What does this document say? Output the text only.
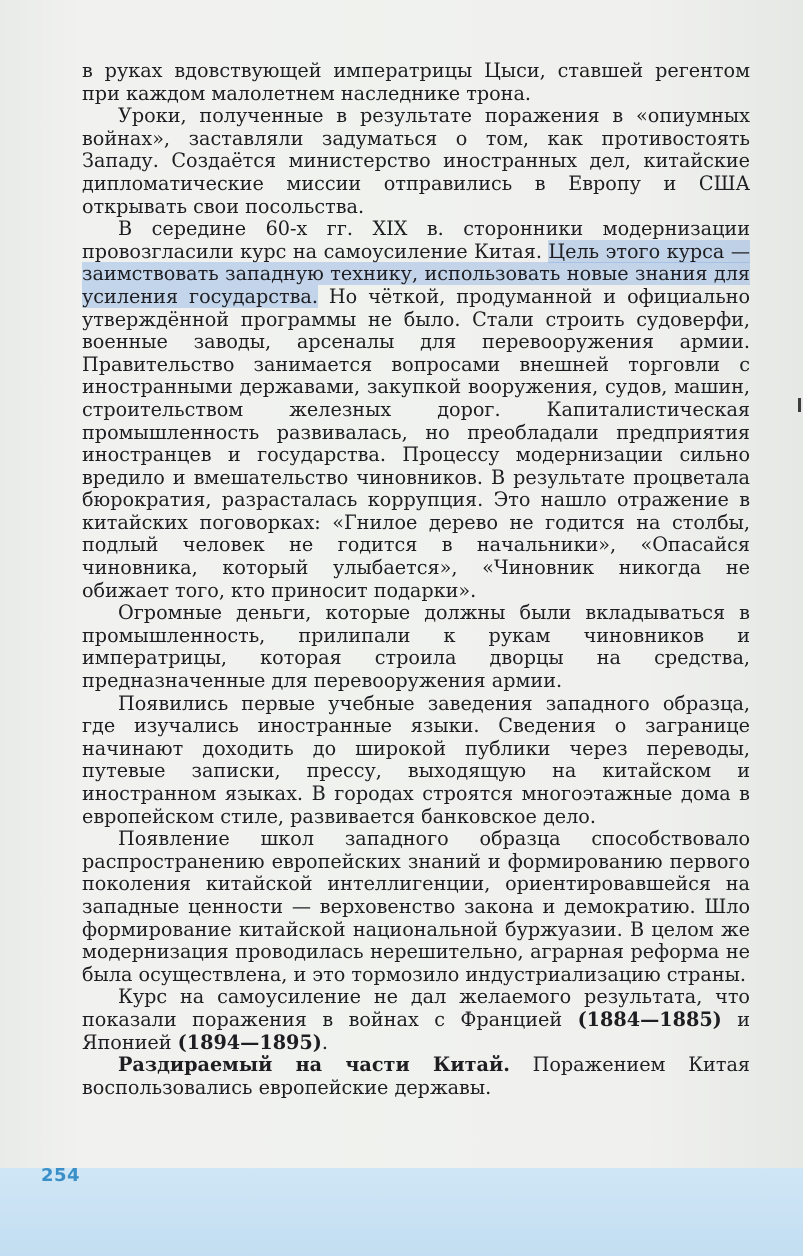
в руках вдовствующей императрицы Цыси, ставшей регентом при каждом малолетнем наследнике трона.

Уроки, полученные в результате поражения в «опиумных войнах», заставляли задуматься о том, как противостоять Западу. Создаётся министерство иностранных дел, китайские дипломатические миссии отправились в Европу и США открывать свои посольства.

В середине 60-х гг. XIX в. сторонники модернизации провозгласили курс на самоусиление Китая. Цель этого курса — заимствовать западную технику, использовать новые знания для усиления государства. Но чёткой, продуманной и официально утверждённой программы не было. Стали строить судоверфи, военные заводы, арсеналы для перевооружения армии. Правительство занимается вопросами внешней торговли с иностранными державами, закупкой вооружения, судов, машин, строительством железных дорог. Капиталистическая промышленность развивалась, но преобладали предприятия иностранцев и государства. Процессу модернизации сильно вредило и вмешательство чиновников. В результате процветала бюрократия, разрасталась коррупция. Это нашло отражение в китайских поговорках: «Гнилое дерево не годится на столбы, подлый человек не годится в начальники», «Опасайся чиновника, который улыбается», «Чиновник никогда не обижает того, кто приносит подарки».

Огромные деньги, которые должны были вкладываться в промышленность, прилипали к рукам чиновников и императрицы, которая строила дворцы на средства, предназначенные для перевооружения армии.

Появились первые учебные заведения западного образца, где изучались иностранные языки. Сведения о загранице начинают доходить до широкой публики через переводы, путевые записки, прессу, выходящую на китайском и иностранном языках. В городах строятся многоэтажные дома в европейском стиле, развивается банковское дело.

Появление школ западного образца способствовало распространению европейских знаний и формированию первого поколения китайской интеллигенции, ориентировавшейся на западные ценности — верховенство закона и демократию. Шло формирование китайской национальной буржуазии. В целом же модернизация проводилась нерешительно, аграрная реформа не была осуществлена, и это тормозило индустриализацию страны.

Курс на самоусиление не дал желаемого результата, что показали поражения в войнах с Францией (1884—1885) и Японией (1894—1895).

Раздираемый на части Китай. Поражением Китая воспользовались европейские державы.

254
